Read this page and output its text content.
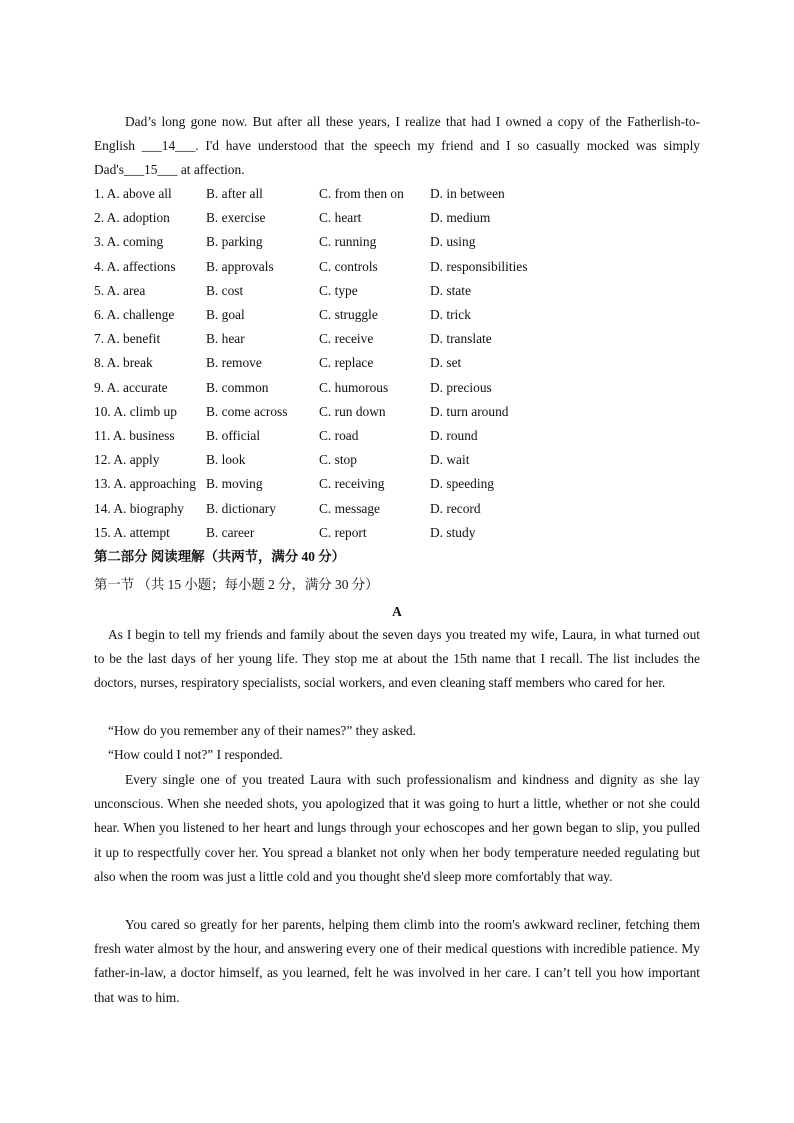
Dad’s long gone now. But after all these years, I realize that had I owned a copy of the Fatherlish-to-English ___14___. I'd have understood that the speech my friend and I so casually mocked was simply Dad's___15___ at affection.

1. A. above all	B. after all	C. from then on D. in between
2. A. adoption	B. exercise	C. heart	D. medium
3. A. coming	B. parking	C. running	D. using
4. A. affections B. approvals	C. controls	D. responsibilities
5. A. area	B. cost	C. type	D. state
6. A. challenge B. goal	C. struggle	D. trick
7. A. benefit	B. hear	C. receive	D. translate
8. A. break	B. remove	C. replace	D. set
9. A. accurate	B. common	C. humorous	D. precious
10. A. climb up B. come across C. run down	D. turn around
11. A. business B. official	C. road	D. round
12. A. apply	B. look	C. stop	D. wait
13. A. approaching B. moving	C. receiving	D. speeding
14. A. biography B. dictionary	C. message	D. record
15. A. attempt	B. career	C. report	D. study
第二部分 阅读理解（共两节，满分 40 分）
第一节 （共 15 小题；每小题 2 分，满分 30 分）
A

As I begin to tell my friends and family about the seven days you treated my wife, Laura, in what turned out to be the last days of her young life. They stop me at about the 15th name that I recall. The list includes the doctors, nurses, respiratory specialists, social workers, and even cleaning staff members who cared for her.

“How do you remember any of their names?” they asked.
“How could I not?” I responded.

Every single one of you treated Laura with such professionalism and kindness and dignity as she lay unconscious. When she needed shots, you apologized that it was going to hurt a little, whether or not she could hear. When you listened to her heart and lungs through your echoscopes and her gown began to slip, you pulled it up to respectfully cover her. You spread a blanket not only when her body temperature needed regulating but also when the room was just a little cold and you thought she'd sleep more comfortably that way.

You cared so greatly for her parents, helping them climb into the room's awkward recliner, fetching them fresh water almost by the hour, and answering every one of their medical questions with incredible patience. My father-in-law, a doctor himself, as you learned, felt he was involved in her care. I can’t tell you how important that was to him.
